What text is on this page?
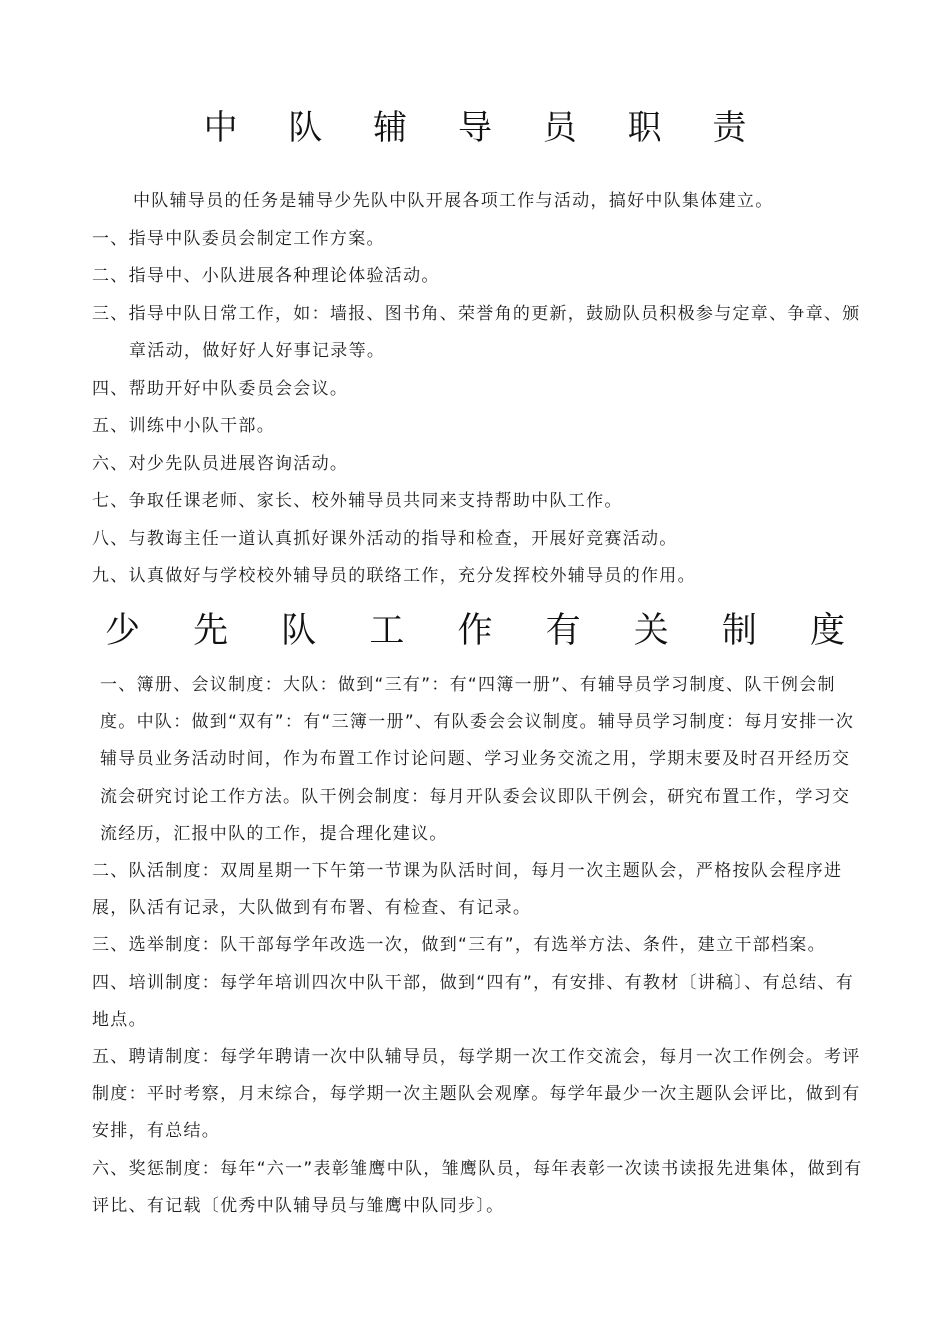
中 队 辅 导 员 职 责

中队辅导员的任务是辅导少先队中队开展各项工作与活动，搞好中队集体建立。

一、指导中队委员会制定工作方案。

二、指导中、小队进展各种理论体验活动。

三、指导中队日常工作，如：墙报、图书角、荣誉角的更新，鼓励队员积极参与定章、争章、颁章活动，做好好人好事记录等。

四、帮助开好中队委员会会议。

五、训练中小队干部。

六、对少先队员进展咨询活动。

七、争取任课老师、家长、校外辅导员共同来支持帮助中队工作。

八、与教诲主任一道认真抓好课外活动的指导和检查，开展好竞赛活动。

九、认真做好与学校校外辅导员的联络工作，充分发挥校外辅导员的作用。

少 先 队 工 作 有 关 制 度

一、簿册、会议制度：大队：做到“三有”：有“四簿一册”、有辅导员学习制度、队干例会制度。中队：做到“双有”：有“三簿一册”、有队委会会议制度。辅导员学习制度：每月安排一次辅导员业务活动时间，作为布置工作讨论问题、学习业务交流之用，学期末要及时召开经历交流会研究讨论工作方法。队干例会制度：每月开队委会议即队干例会，研究布置工作，学习交流经历，汇报中队的工作，提合理化建议。

二、队活制度：双周星期一下午第一节课为队活时间，每月一次主题队会，严格按队会程序进展，队活有记录，大队做到有布署、有检查、有记录。

三、选举制度：队干部每学年改选一次，做到“三有”，有选举方法、条件，建立干部档案。

四、培训制度：每学年培训四次中队干部，做到“四有”，有安排、有教材〔讲稿〕、有总结、有地点。

五、聘请制度：每学年聘请一次中队辅导员，每学期一次工作交流会，每月一次工作例会。考评制度：平时考察，月末综合，每学期一次主题队会观摩。每学年最少一次主题队会评比，做到有安排，有总结。

六、奖惩制度：每年“六一”表彰雏鹰中队，雏鹰队员，每年表彰一次读书读报先进集体，做到有评比、有记载〔优秀中队辅导员与雏鹰中队同步〕。
